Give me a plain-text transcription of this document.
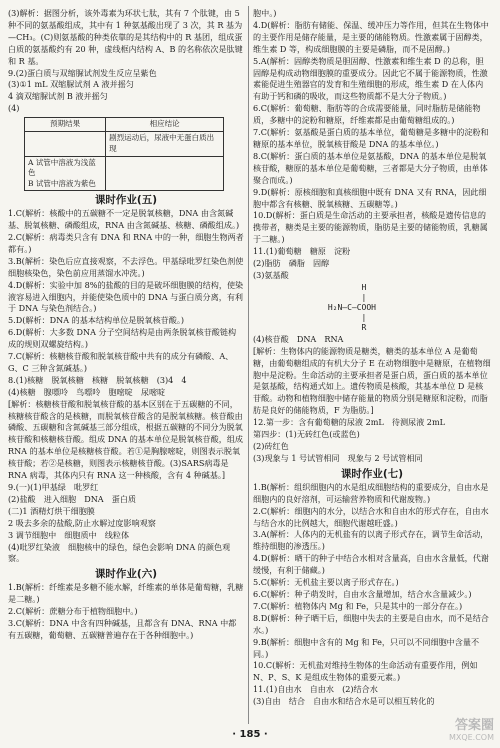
(3)解析：据图分析，该外毒素为环状七肽，其有 7 个肽键，由 5 种不同的氨基酸组成，其中有 1 种氨基酸出现了 3 次，其 R 基为—CH₃。(C)则氨基酸的种类依靠的是其结构中的 R 基团，组成蛋白质的氨基酸约有 20 种，虚线框内结构 A、B 的名称依次是肽键和 R 基。

9.(2)蛋白质与双缩脲试剂发生反应呈紫色
(3)①1 mL 双缩脲试剂 A 液并摇匀
4 滴双缩脲试剂 B 液并摇匀
(4)

预期结果	相应结论
	剧烈运动后，尿液中无蛋白质出现
A 试管中溶液为浅蓝色
B 试管中溶液为紫色	
课时作业(五)

1.C(解析：核酸中的五碳糖不一定是脱氧核糖，DNA 由含氮碱基、脱氧核糖、磷酸组成，RNA 由含氮碱基、核糖、磷酸组成。)
2.C(解析：病毒类只含有 DNA 和 RNA 中的一种，细胞生物两者都有。)
3.B(解析：染色后应直接观察，不去浮色。甲基绿吡罗红染色剂使细胞核染色，染色前应用蒸馏水冲洗。)
4.D(解析：实验中加 8%的盐酸的目的是破坏细胞膜的结构，使染液容易进入细胞内，并能使染色质中的 DNA 与蛋白质分离，有利于 DNA 与染色剂结合。)
5.D(解析：DNA 的基本结构单位是脱氧核苷酸。)
6.D(解析：大多数 DNA 分子空间结构是由两条脱氧核苷酸链构成的规则双螺旋结构。)
7.C(解析：核糖核苷酸和脱氧核苷酸中共有的成分有磷酸、A、G、C 三种含氮碱基。)
8.(1)核糖　脱氧核糖　核糖　脱氧核糖　(3)4　4
(4)核糖　腺嘌呤　鸟嘌呤　胞嘧啶　尿嘧啶
[解析：核糖核苷酸和脱氧核苷酸的基本区别在于五碳糖的不同，核糖核苷酸含的是核糖，而脱氧核苷酸含的是脱氧核糖。核苷酸由磷酸、五碳糖和含氮碱基三部分组成，根据五碳糖的不同分为脱氧核苷酸和核糖核苷酸。组成 DNA 的基本单位是脱氧核苷酸，组成 RNA 的基本单位是核糖核苷酸。若①是胸腺嘧啶，则图表示脱氧核苷酸；若②是核糖，则图表示核糖核苷酸。(3)SARS病毒是 RNA 病毒，其体内只有 RNA 这一种核酸，含有 4 种碱基。]
9.(一)(1)甲基绿　吡罗红
(2)盐酸　进入细胞　DNA　蛋白质
(二)1 酒精灯烘干细胞膜
2 吸去多余的盐酸,防止水解过度影响观察
3 调节细胞中　细胞质中　线粒体
(4)吡罗红染液　细胞核中的绿色，绿色会影响 DNA 的颜色观察。

课时作业(六)

1.B(解析：纤维素是多糖不能水解，纤维素的单体是葡萄糖，乳糖是二糖。)
2.C(解析：蔗糖分布于植物细胞中。)
3.C(解析：DNA 中含有四种碱基，且都含有 DNA、RNA 中都有五碳糖，葡萄糖、五碳糖普遍存在于各种细胞中。)

胞中。)

4.D(解析：脂肪有储能、保温、缓冲压力等作用，但其在生物体中的主要作用是储存能量，是主要的储能物质。性激素属于固醇类，维生素 D 等，构成细胞膜的主要是磷脂，而不是固醇。)
5.A(解析：固醇类物质是胆固醇、性激素和维生素 D 的总称，胆固醇是构成动物细胞膜的重要成分。因此它不属于能源物质，性激素能促进生殖器官的发育和生殖细胞的形成，维生素 D 在人体内有助于钙和磷的吸收，而这些物质都不是大分子物质。)
6.C(解析：葡萄糖、脂肪等的合成需要能量，同时脂肪是储能物质，多糖中的淀粉和糖原，纤维素都是由葡萄糖组成的。)
7.C(解析：氨基酸是蛋白质的基本单位，葡萄糖是多糖中的淀粉和糖原的基本单位，脱氧核苷酸是 DNA 的基本单位。)
8.C(解析：蛋白质的基本单位是氨基酸，DNA 的基本单位是脱氧核苷酸，糖原的基本单位是葡萄糖，三者都是大分子物质，由单体聚合而成。)
9.D(解析：原核细胞和真核细胞中既有 DNA 又有 RNA，因此细胞中都含有核糖、脱氧核糖、五碳糖等。)
10.D(解析：蛋白质是生命活动的主要承担者，核酸是遗传信息的携带者，糖类是主要的能源物质，脂肪是主要的储能物质，乳糖属于二糖。)

11.(1)葡萄糖　糖原　淀粉
(2)脂肪　磷脂　固醇
(3)氨基酸

H
|
H₂N—C—COOH
|
R

(4)核苷酸　DNA　RNA

[解析：生物体内的能源物质是糖类，糖类的基本单位 A 是葡萄糖，由葡萄糖组成的有机大分子 E 在动物细胞中是糖原，在植物细胞中是淀粉。生命活动的主要承担者是蛋白质，蛋白质的基本单位是氨基酸，结构通式如上。遗传物质是核酸，其基本单位 D 是核苷酸。动物和植物细胞中储存能量的物质分别是糖原和淀粉，而脂肪是良好的储能物质，F 为脂肪。]

12.第一步：含有葡萄糖的尿液 2mL　待测尿液 2mL
第四步：(1)无砖红色(或蓝色)
(2)砖红色
(3)现象与 1 号试管相同　现象与 2 号试管相同

课时作业(七)

1.B(解析：组织细胞内的水是组成细胞结构的重要成分，自由水是细胞内的良好溶剂，可运输营养物质和代谢废物。)
2.C(解析：细胞内的水分，以结合水和自由水的形式存在，自由水与结合水的比例越大，细胞代谢越旺盛。)
3.A(解析：人体内的无机盐有的以离子形式存在，调节生命活动，维持细胞的渗透压。)
4.D(解析：晒干的种子中结合水相对含量高，自由水含量低，代谢缓慢，有利于储藏。)
5.C(解析：无机盐主要以离子形式存在。)
6.C(解析：种子萌发时，自由水含量增加，结合水含量减少。)
7.C(解析：植物体内 Mg 和 Fe，只是其中的一部分存在。)
8.D(解析：种子晒干后，细胞中失去的主要是自由水，而不是结合水。)
9.B(解析：细胞中含有的 Mg 和 Fe，只可以不同细胞中含量不同。)
10.C(解析：无机盐对维持生物体的生命活动有重要作用，例如 N、P、S、K 是组成生物体的重要元素。)

11.(1)自由水　自由水　(2)结合水
(3)自由　结合　自由水和结合水是可以相互转化的

· 185 ·
答案圈
MXQE.COM
